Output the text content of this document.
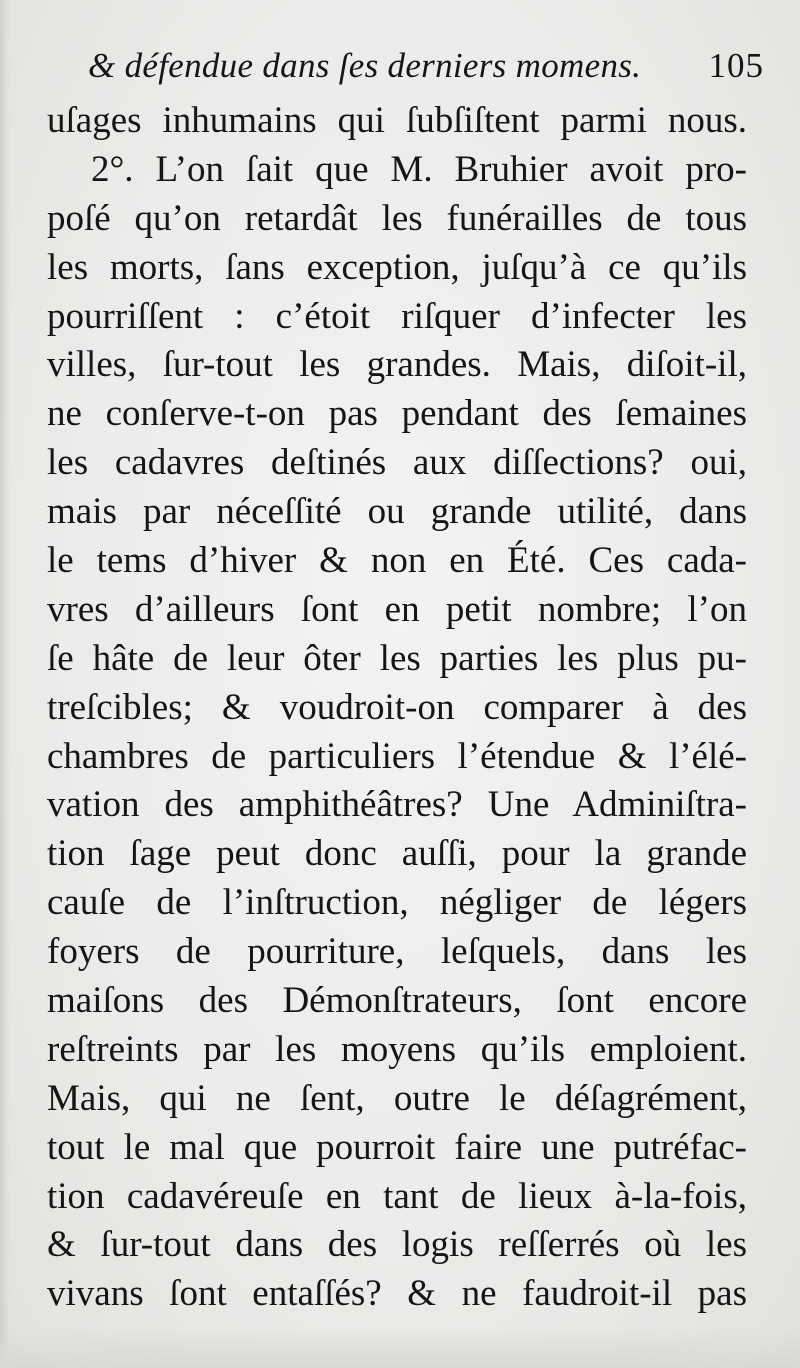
& défendue dans ſes derniers momens. 105
uſages inhumains qui ſubſiſtent parmi nous.
2°. L’on ſait que M. Bruhier avoit pro-
poſé qu’on retardât les funérailles de tous
les morts, ſans exception, juſqu’à ce qu’ils
pourriſſent : c’étoit riſquer d’infecter les
villes, ſur-tout les grandes. Mais, diſoit-il,
ne conſerve-t-on pas pendant des ſemaines
les cadavres deſtinés aux diſſections? oui,
mais par néceſſité ou grande utilité, dans
le tems d’hiver & non en Été. Ces cada-
vres d’ailleurs ſont en petit nombre; l’on
ſe hâte de leur ôter les parties les plus pu-
treſcibles; & voudroit-on comparer à des
chambres de particuliers l’étendue & l’élé-
vation des amphithéâtres? Une Adminiſtra-
tion ſage peut donc auſſi, pour la grande
cauſe de l’inſtruction, négliger de légers
foyers de pourriture, leſquels, dans les
maiſons des Démonſtrateurs, ſont encore
reſtreints par les moyens qu’ils emploient.
Mais, qui ne ſent, outre le déſagrément,
tout le mal que pourroit faire une putréfac-
tion cadavéreuſe en tant de lieux à-la-fois,
& ſur-tout dans des logis reſſerrés où les
vivans ſont entaſſés? & ne faudroit-il pas
